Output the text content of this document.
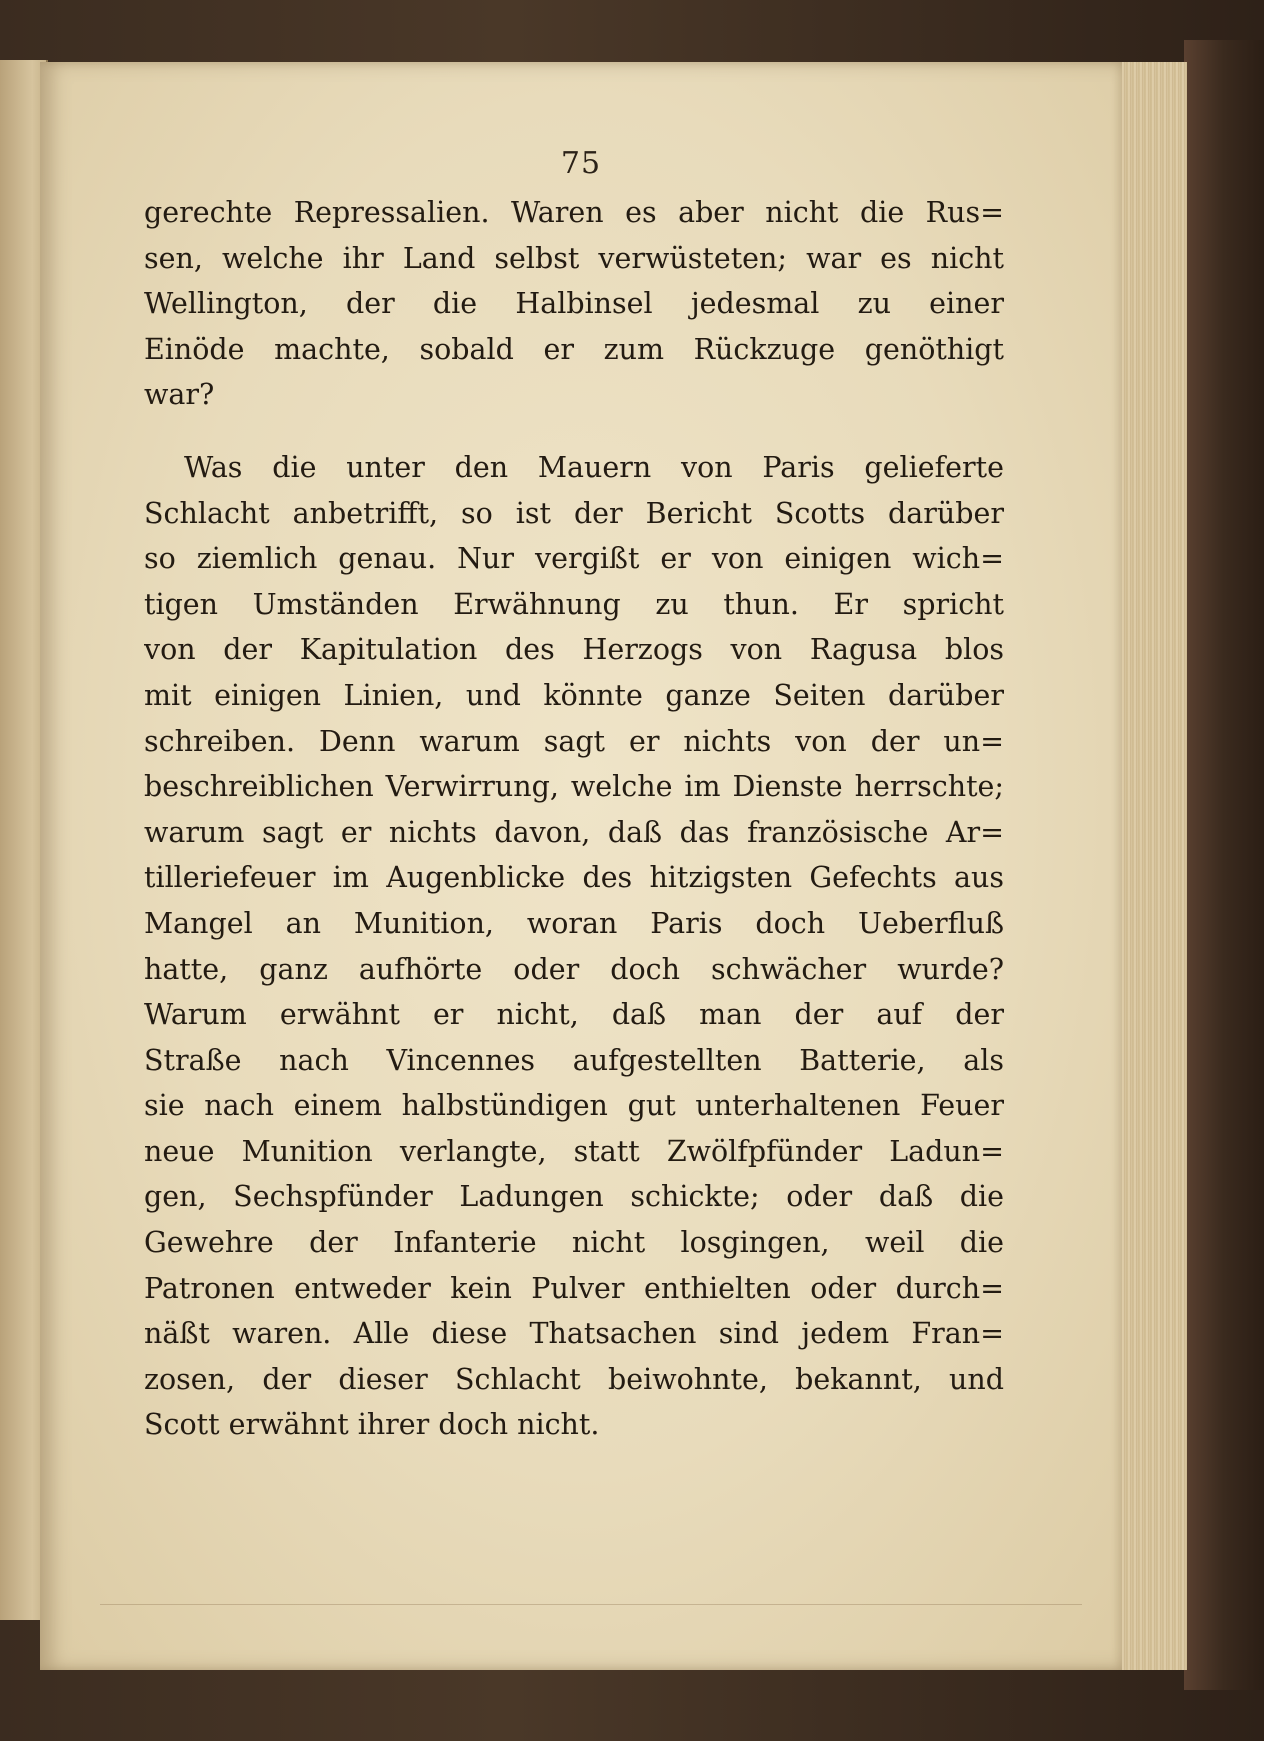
75
gerechte Repressalien. Waren es aber nicht die Rus=
sen, welche ihr Land selbst verwüsteten; war es nicht
Wellington, der die Halbinsel jedesmal zu einer
Einöde machte, sobald er zum Rückzuge genöthigt
war?
Was die unter den Mauern von Paris gelieferte
Schlacht anbetrifft, so ist der Bericht Scotts darüber
so ziemlich genau. Nur vergißt er von einigen wich=
tigen Umständen Erwähnung zu thun. Er spricht
von der Kapitulation des Herzogs von Ragusa blos
mit einigen Linien, und könnte ganze Seiten darüber
schreiben. Denn warum sagt er nichts von der un=
beschreiblichen Verwirrung, welche im Dienste herrschte;
warum sagt er nichts davon, daß das französische Ar=
tilleriefeuer im Augenblicke des hitzigsten Gefechts aus
Mangel an Munition, woran Paris doch Ueberfluß
hatte, ganz aufhörte oder doch schwächer wurde?
Warum erwähnt er nicht, daß man der auf der
Straße nach Vincennes aufgestellten Batterie, als
sie nach einem halbstündigen gut unterhaltenen Feuer
neue Munition verlangte, statt Zwölfpfünder Ladun=
gen, Sechspfünder Ladungen schickte; oder daß die
Gewehre der Infanterie nicht losgingen, weil die
Patronen entweder kein Pulver enthielten oder durch=
näßt waren. Alle diese Thatsachen sind jedem Fran=
zosen, der dieser Schlacht beiwohnte, bekannt, und
Scott erwähnt ihrer doch nicht.
